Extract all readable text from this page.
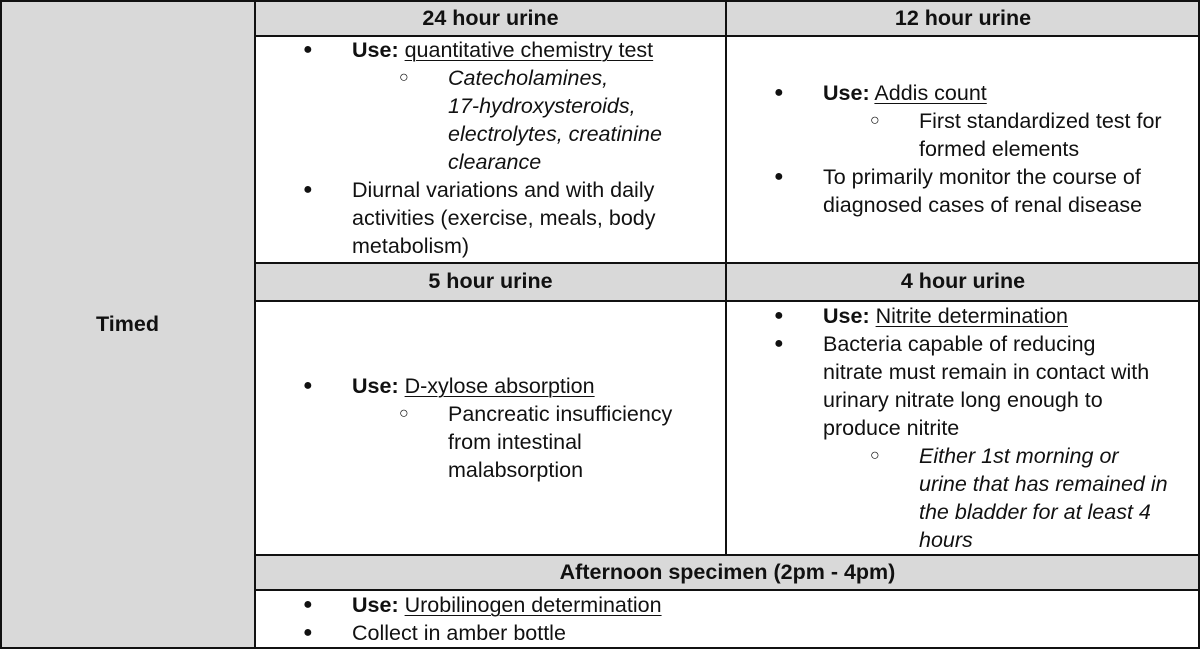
Timed
24 hour urine	12 hour urine
5 hour urine	4 hour urine
Afternoon specimen (2pm - 4pm)
● Use: quantitative chemistry test
○ Catecholamines,
17-hydroxysteroids,
electrolytes, creatinine
clearance
● Diurnal variations and with daily
activities (exercise, meals, body
metabolism)
● Use: Addis count
○ First standardized test for
formed elements
● To primarily monitor the course of
diagnosed cases of renal disease
● Use: D-xylose absorption
○ Pancreatic insufficiency
from intestinal
malabsorption
● Use: Nitrite determination
● Bacteria capable of reducing
nitrate must remain in contact with
urinary nitrate long enough to
produce nitrite
○ Either 1st morning or
urine that has remained in
the bladder for at least 4
hours
● Use: Urobilinogen determination
● Collect in amber bottle
